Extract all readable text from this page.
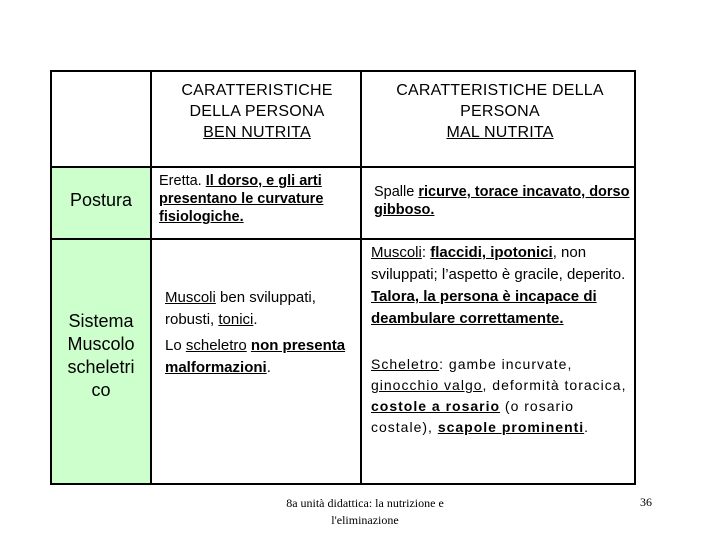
CARATTERISTICHE DELLA PERSONA
BEN NUTRITA
CARATTERISTICHE DELLA PERSONA
MAL NUTRITA
Postura
Eretta. Il dorso, e gli arti presentano le curvature fisiologiche.
Spalle ricurve, torace incavato, dorso gibboso.
Sistema
Muscolo
scheletri
co
Muscoli ben sviluppati, robusti, tonici.
Lo scheletro non presenta malformazioni.
Muscoli: flaccidi, ipotonici, non sviluppati; l’aspetto è gracile, deperito. Talora, la persona è incapace di deambulare correttamente.
Scheletro: gambe incurvate, ginocchio valgo, deformità toracica, costole a rosario (o rosario costale), scapole prominenti.
8a unità didattica: la nutrizione e
l'eliminazione
36
